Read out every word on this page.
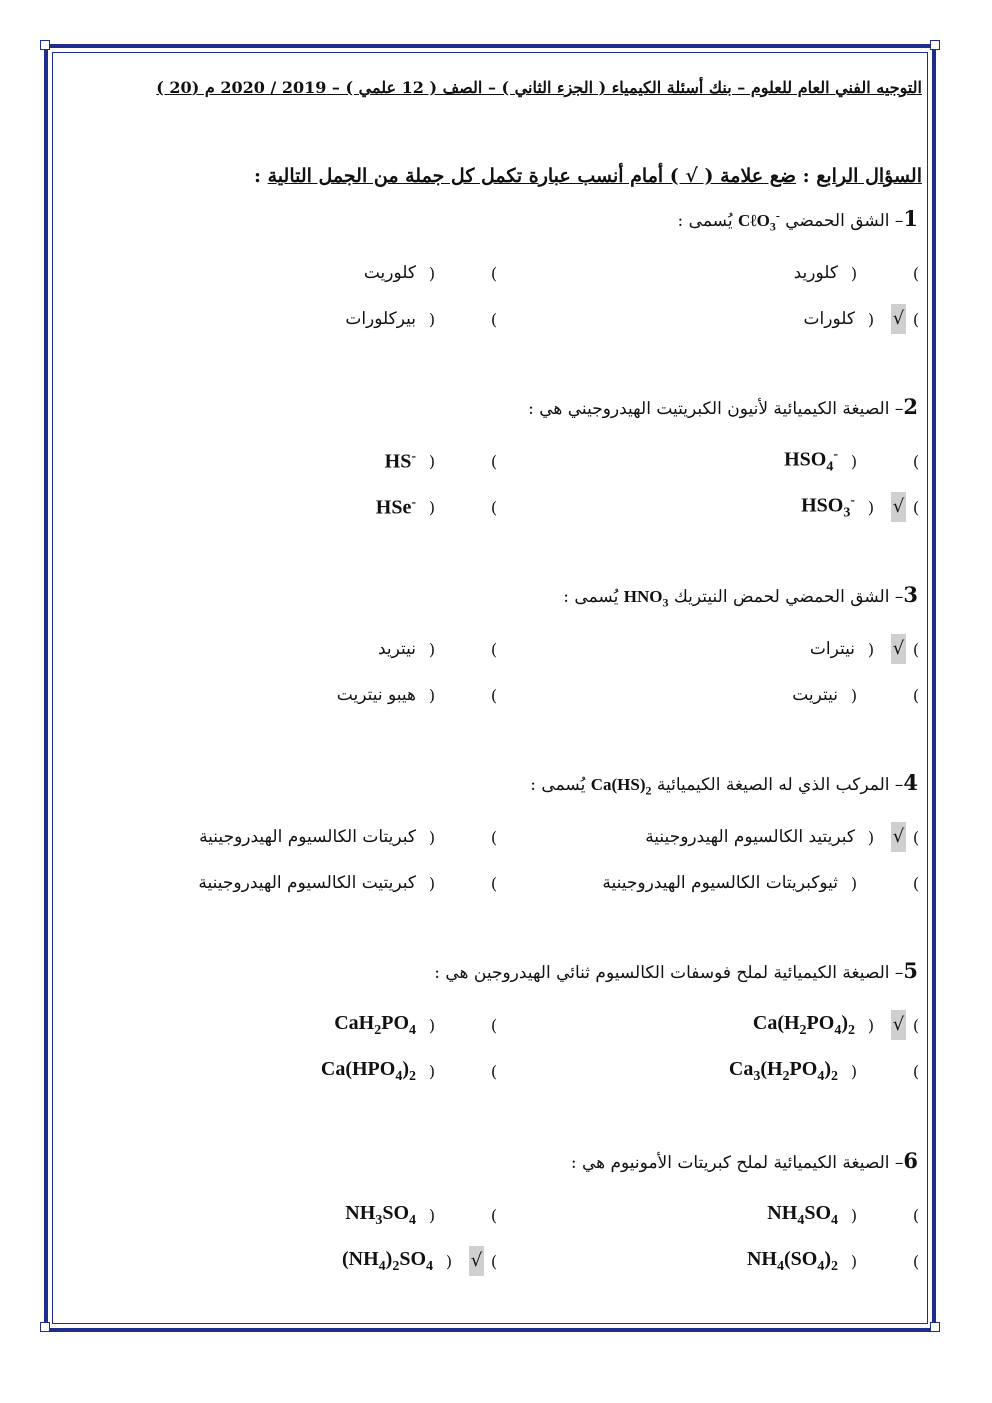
التوجيه الفني العام للعلوم – بنك أسئلة الكيمياء ( الجزء الثاني ) – الصف ( 12 علمي ) – 2019 / 2020 م (20 )
السؤال الرابع : ضع علامة ( √ ) أمام أنسب عبارة تكمل كل جملة من الجمل التالية :
1– الشق الحمضي CℓO$_3$- يُسمى :
)
(
كلوريد
)
(
كلوريت
)
√
(
كلورات
)
(
بيركلورات
2– الصيغة الكيميائية لأنيون الكبريتيت الهيدروجيني هي :
)
(
$HSO_4^-$
)
(
HS-
)
√
(
$HSO_3^-$
)
(
HSe-
3– الشق الحمضي لحمض النيتريك $HNO_3$ يُسمى :
)
√
(
نيترات
)
(
نيتريد
)
(
نيتريت
)
(
هيبو نيتريت
4– المركب الذي له الصيغة الكيميائية $Ca(HS)_2$ يُسمى :
)
√
(
كبريتيد الكالسيوم الهيدروجينية
)
(
كبريتات الكالسيوم الهيدروجينية
)
(
ثيوكبريتات الكالسيوم الهيدروجينية
)
(
كبريتيت الكالسيوم الهيدروجينية
5– الصيغة الكيميائية لملح فوسفات الكالسيوم ثنائي الهيدروجين هي :
)
√
(
$Ca(H_2PO_4)_2$
)
(
$CaH_2PO_4$
)
(
$Ca_3(H_2PO_4)_2$
)
(
$Ca(HPO_4)_2$
6– الصيغة الكيميائية لملح كبريتات الأمونيوم هي :
)
(
$NH_4SO_4$
)
(
$NH_3SO_4$
)
(
$NH_4(SO_4)_2$
)
√
(
$(NH_4)_2SO_4$
